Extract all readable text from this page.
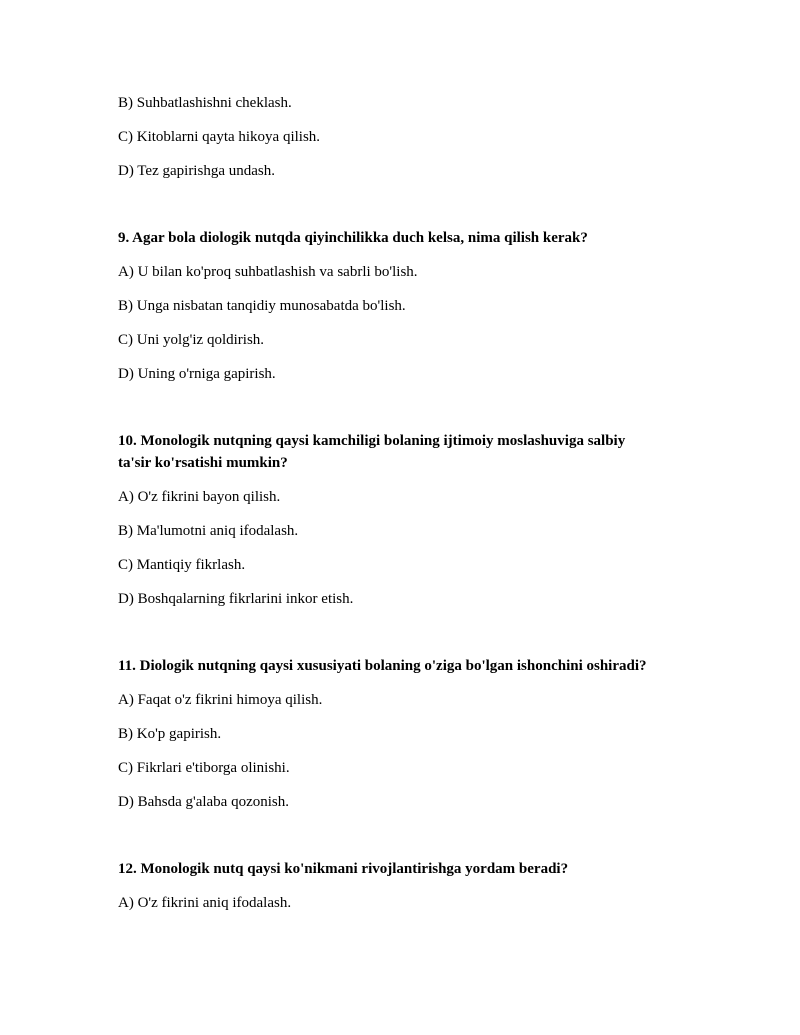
B) Suhbatlashishni cheklash.
C) Kitoblarni qayta hikoya qilish.
D) Tez gapirishga undash.
9. Agar bola diologik nutqda qiyinchilikka duch kelsa, nima qilish kerak?
A) U bilan ko'proq suhbatlashish va sabrli bo'lish.
B) Unga nisbatan tanqidiy munosabatda bo'lish.
C) Uni yolg'iz qoldirish.
D) Uning o'rniga gapirish.
10. Monologik nutqning qaysi kamchiligi bolaning ijtimoiy moslashuviga salbiy
ta'sir ko'rsatishi mumkin?
A) O'z fikrini bayon qilish.
B) Ma'lumotni aniq ifodalash.
C) Mantiqiy fikrlash.
D) Boshqalarning fikrlarini inkor etish.
11. Diologik nutqning qaysi xususiyati bolaning o'ziga bo'lgan ishonchini oshiradi?
A) Faqat o'z fikrini himoya qilish.
B) Ko'p gapirish.
C) Fikrlari e'tiborga olinishi.
D) Bahsda g'alaba qozonish.
12. Monologik nutq qaysi ko'nikmani rivojlantirishga yordam beradi?
A) O'z fikrini aniq ifodalash.
